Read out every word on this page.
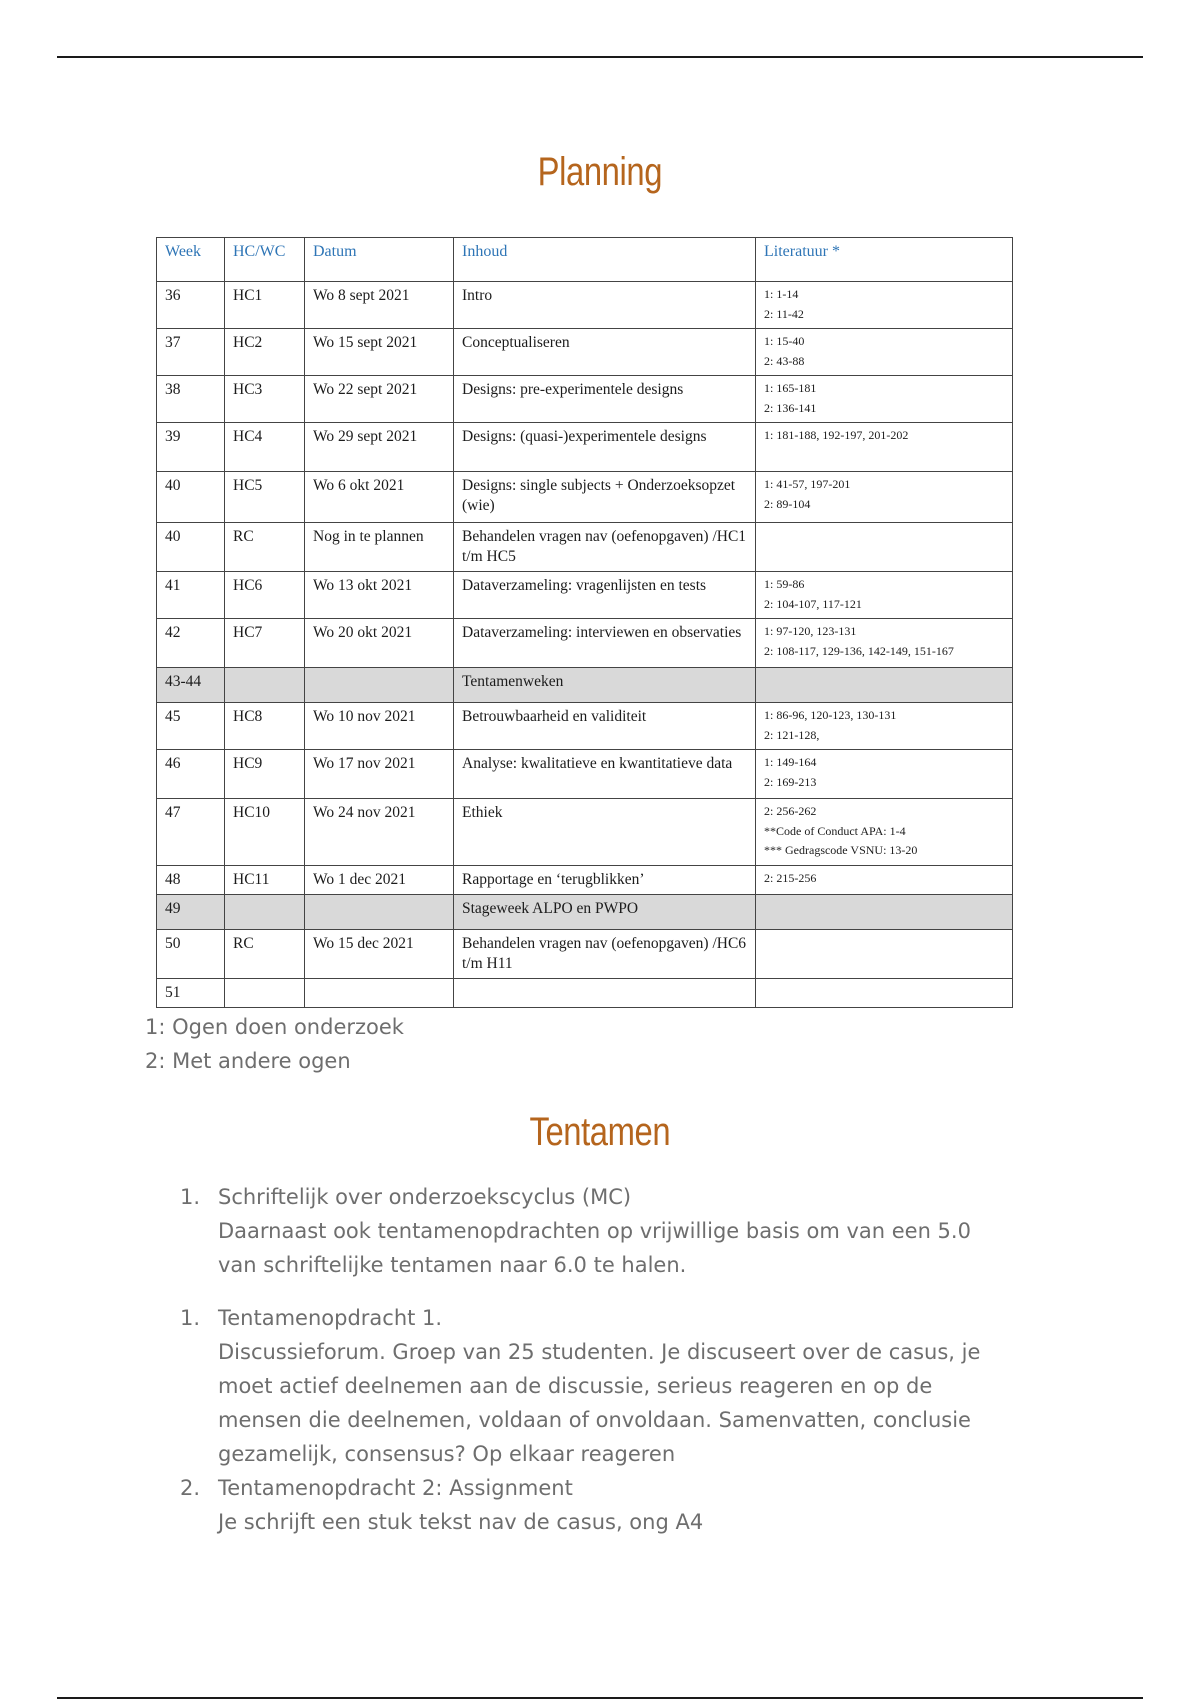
Planning
Week	HC/WC	Datum	Inhoud	Literatuur *
36	HC1	Wo 8 sept 2021	Intro	1: 1-14
2: 11-42

37	HC2	Wo 15 sept 2021	Conceptualiseren	1: 15-40
2: 43-88

38	HC3	Wo 22 sept 2021	Designs: pre-experimentele designs	1: 165-181
2: 136-141

39	HC4	Wo 29 sept 2021	Designs: (quasi-)experimentele designs	1: 181-188, 192-197, 201-202

40	HC5	Wo 6 okt 2021	Designs: single subjects + Onderzoeksopzet (wie)	1: 41-57, 197-201
2: 89-104

40	RC	Nog in te plannen	Behandelen vragen nav (oefenopgaven) /HC1 t/m HC5	
41	HC6	Wo 13 okt 2021	Dataverzameling: vragenlijsten en tests	1: 59-86
2: 104-107, 117-121

42	HC7	Wo 20 okt 2021	Dataverzameling: interviewen en observaties	1: 97-120, 123-131
2: 108-117, 129-136, 142-149, 151-167

43-44			Tentamenweken	
45	HC8	Wo 10 nov 2021	Betrouwbaarheid en validiteit	1: 86-96, 120-123, 130-131
2: 121-128,

46	HC9	Wo 17 nov 2021	Analyse: kwalitatieve en kwantitatieve data	1: 149-164
2: 169-213

47	HC10	Wo 24 nov 2021	Ethiek	2: 256-262
**Code of Conduct APA: 1-4
*** Gedragscode VSNU: 13-20

48	HC11	Wo 1 dec 2021	Rapportage en ‘terugblikken’	2: 215-256

49			Stageweek ALPO en PWPO	
50	RC	Wo 15 dec 2021	Behandelen vragen nav (oefenopgaven) /HC6 t/m H11	
51				
1: Ogen doen onderzoek
2: Met andere ogen
Tentamen
1. Schriftelijk over onderzoekscyclus (MC)
Daarnaast ook tentamenopdrachten op vrijwillige basis om van een 5.0
van schriftelijke tentamen naar 6.0 te halen.
1. Tentamenopdracht 1.
Discussieforum. Groep van 25 studenten. Je discuseert over de casus, je
moet actief deelnemen aan de discussie, serieus reageren en op de
mensen die deelnemen, voldaan of onvoldaan. Samenvatten, conclusie
gezamelijk, consensus? Op elkaar reageren
2. Tentamenopdracht 2: Assignment
Je schrijft een stuk tekst nav de casus, ong A4
